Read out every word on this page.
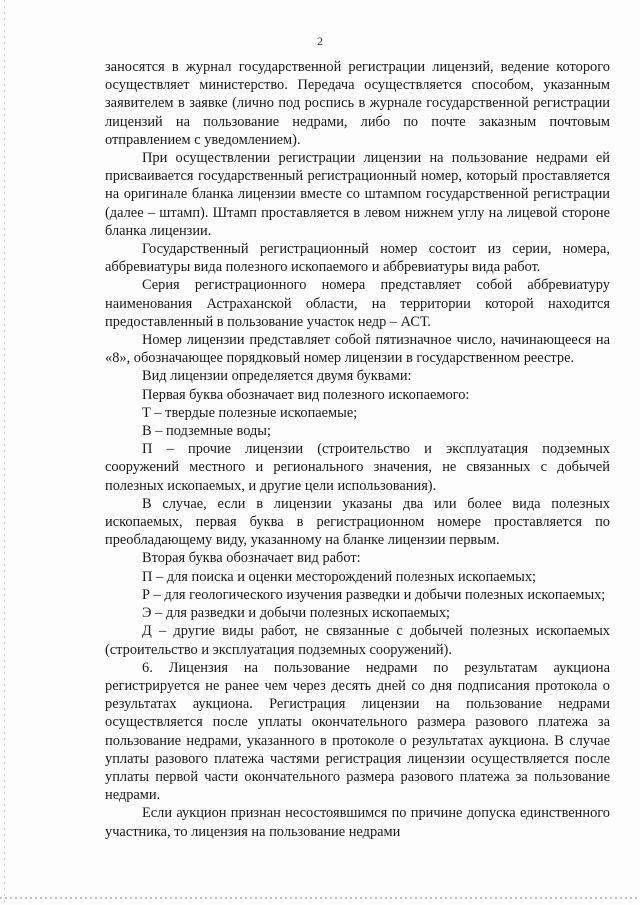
2

заносятся в журнал государственной регистрации лицензий, ведение которого осуществляет министерство. Передача осуществляется способом, указанным заявителем в заявке (лично под роспись в журнале государственной регистрации лицензий на пользование недрами, либо по почте заказным почтовым отправлением с уведомлением).

При осуществлении регистрации лицензии на пользование недрами ей присваивается государственный регистрационный номер, который проставляется на оригинале бланка лицензии вместе со штампом государственной регистрации (далее – штамп). Штамп проставляется в левом нижнем углу на лицевой стороне бланка лицензии.

Государственный регистрационный номер состоит из серии, номера, аббревиатуры вида полезного ископаемого и аббревиатуры вида работ.

Серия регистрационного номера представляет собой аббревиатуру наименования Астраханской области, на территории которой находится предоставленный в пользование участок недр – АСТ.

Номер лицензии представляет собой пятизначное число, начинающееся на «8», обозначающее порядковый номер лицензии в государственном реестре.

Вид лицензии определяется двумя буквами:

Первая буква обозначает вид полезного ископаемого:

Т – твердые полезные ископаемые;

В – подземные воды;

П – прочие лицензии (строительство и эксплуатация подземных сооружений местного и регионального значения, не связанных с добычей полезных ископаемых, и другие цели использования).

В случае, если в лицензии указаны два или более вида полезных ископаемых, первая буква в регистрационном номере проставляется по преобладающему виду, указанному на бланке лицензии первым.

Вторая буква обозначает вид работ:

П – для поиска и оценки месторождений полезных ископаемых;

Р – для геологического изучения разведки и добычи полезных ископаемых;

Э – для разведки и добычи полезных ископаемых;

Д – другие виды работ, не связанные с добычей полезных ископаемых (строительство и эксплуатация подземных сооружений).

6. Лицензия на пользование недрами по результатам аукциона регистрируется не ранее чем через десять дней со дня подписания протокола о результатах аукциона. Регистрация лицензии на пользование недрами осуществляется после уплаты окончательного размера разового платежа за пользование недрами, указанного в протоколе о результатах аукциона. В случае уплаты разового платежа частями регистрация лицензии осуществляется после уплаты первой части окончательного размера разового платежа за пользование недрами.

Если аукцион признан несостоявшимся по причине допуска единственного участника, то лицензия на пользование недрами
